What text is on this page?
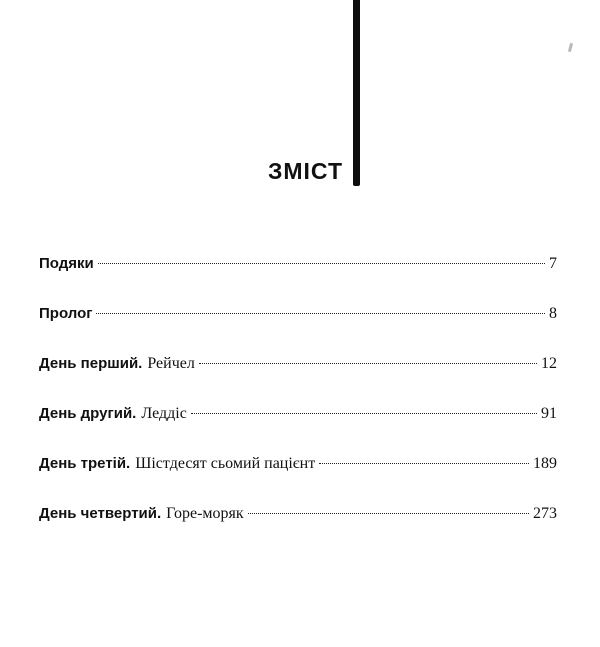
ЗМІСТ
Подяки	7
Пролог	8
День перший. Рейчел	12
День другий. Леддіс	91
День третій. Шістдесят сьомий пацієнт	189
День четвертий. Горе-моряк	273
